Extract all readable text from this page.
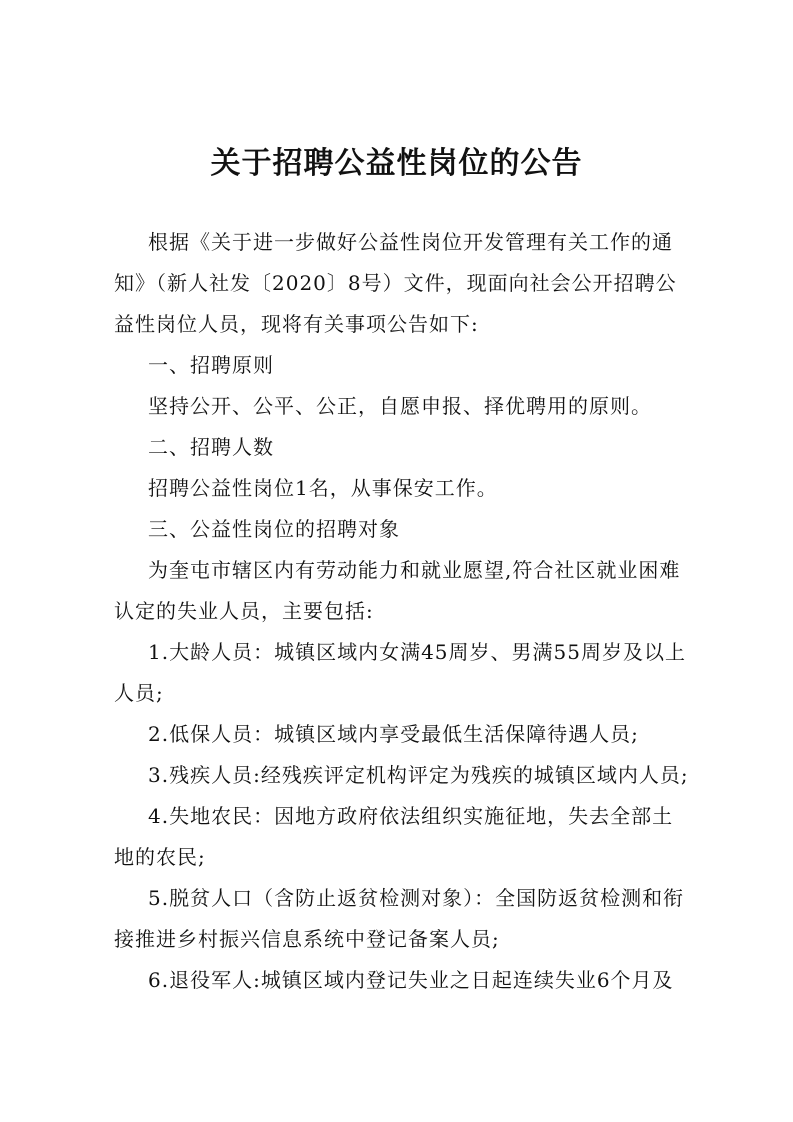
关于招聘公益性岗位的公告

根据《关于进一步做好公益性岗位开发管理有关工作的通知》（新人社发〔2020〕8号）文件，现面向社会公开招聘公益性岗位人员，现将有关事项公告如下:

一、招聘原则

坚持公开、公平、公正，自愿申报、择优聘用的原则。

二、招聘人数

招聘公益性岗位1名，从事保安工作。

三、公益性岗位的招聘对象

为奎屯市辖区内有劳动能力和就业愿望,符合社区就业困难认定的失业人员，主要包括:

1.大龄人员：城镇区域内女满45周岁、男满55周岁及以上人员;

2.低保人员：城镇区域内享受最低生活保障待遇人员;

3.残疾人员:经残疾评定机构评定为残疾的城镇区域内人员;

4.失地农民：因地方政府依法组织实施征地，失去全部土地的农民;

5.脱贫人口（含防止返贫检测对象）：全国防返贫检测和衔接推进乡村振兴信息系统中登记备案人员;

6.退役军人:城镇区域内登记失业之日起连续失业6个月及
